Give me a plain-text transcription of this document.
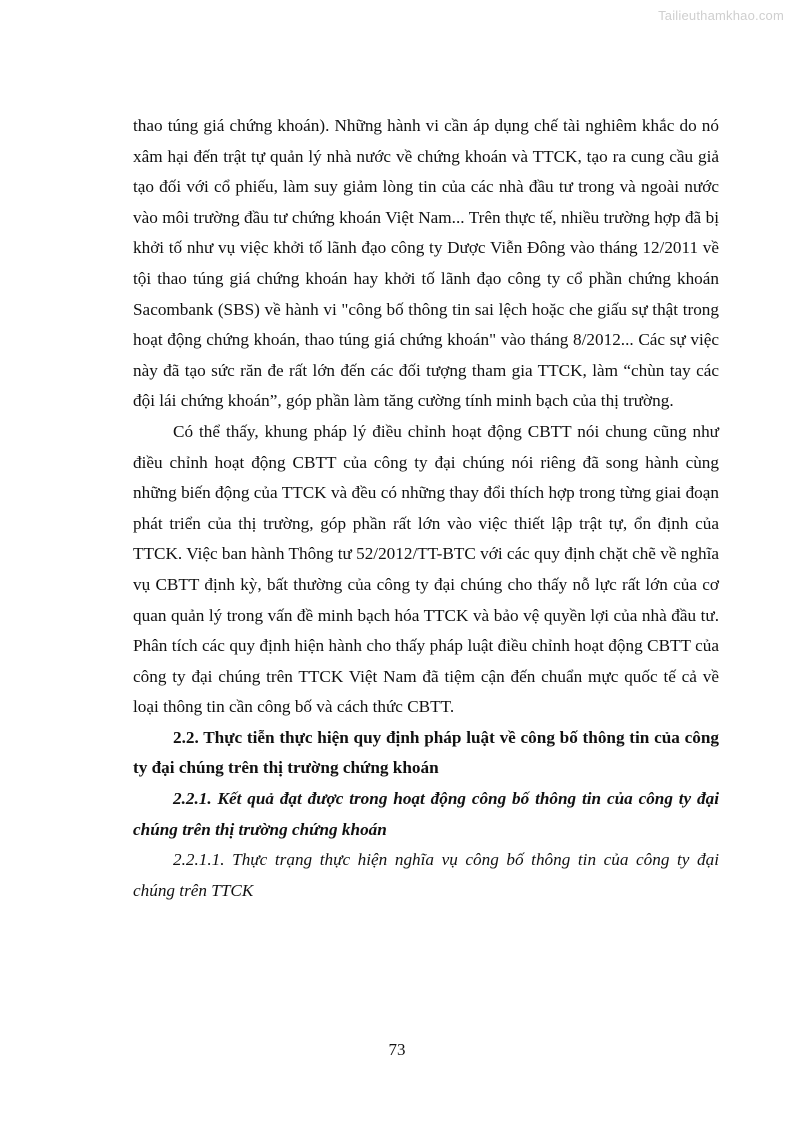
Tailieuthamkhao.com

thao túng giá chứng khoán). Những hành vi cần áp dụng chế tài nghiêm khắc do nó xâm hại đến trật tự quản lý nhà nước về chứng khoán và TTCK, tạo ra cung cầu giả tạo đối với cổ phiếu, làm suy giảm lòng tin của các nhà đầu tư trong và ngoài nước vào môi trường đầu tư chứng khoán Việt Nam... Trên thực tế, nhiều trường hợp đã bị khởi tố như vụ việc khởi tố lãnh đạo công ty Dược Viễn Đông vào tháng 12/2011 về tội thao túng giá chứng khoán hay khởi tố lãnh đạo công ty cổ phần chứng khoán Sacombank (SBS) về hành vi "công bố thông tin sai lệch hoặc che giấu sự thật trong hoạt động chứng khoán, thao túng giá chứng khoán" vào tháng 8/2012... Các sự việc này đã tạo sức răn đe rất lớn đến các đối tượng tham gia TTCK, làm “chùn tay các đội lái chứng khoán”, góp phần làm tăng cường tính minh bạch của thị trường.

Có thể thấy, khung pháp lý điều chỉnh hoạt động CBTT nói chung cũng như điều chỉnh hoạt động CBTT của công ty đại chúng nói riêng đã song hành cùng những biến động của TTCK và đều có những thay đổi thích hợp trong từng giai đoạn phát triển của thị trường, góp phần rất lớn vào việc thiết lập trật tự, ổn định của TTCK. Việc ban hành Thông tư 52/2012/TT-BTC với các quy định chặt chẽ về nghĩa vụ CBTT định kỳ, bất thường của công ty đại chúng cho thấy nỗ lực rất lớn của cơ quan quản lý trong vấn đề minh bạch hóa TTCK và bảo vệ quyền lợi của nhà đầu tư. Phân tích các quy định hiện hành cho thấy pháp luật điều chỉnh hoạt động CBTT của công ty đại chúng trên TTCK Việt Nam đã tiệm cận đến chuẩn mực quốc tế cả về loại thông tin cần công bố và cách thức CBTT.

2.2. Thực tiễn thực hiện quy định pháp luật về công bố thông tin của công ty đại chúng trên thị trường chứng khoán

2.2.1. Kết quả đạt được trong hoạt động công bố thông tin của công ty đại chúng trên thị trường chứng khoán

2.2.1.1. Thực trạng thực hiện nghĩa vụ công bố thông tin của công ty đại chúng trên TTCK

73
